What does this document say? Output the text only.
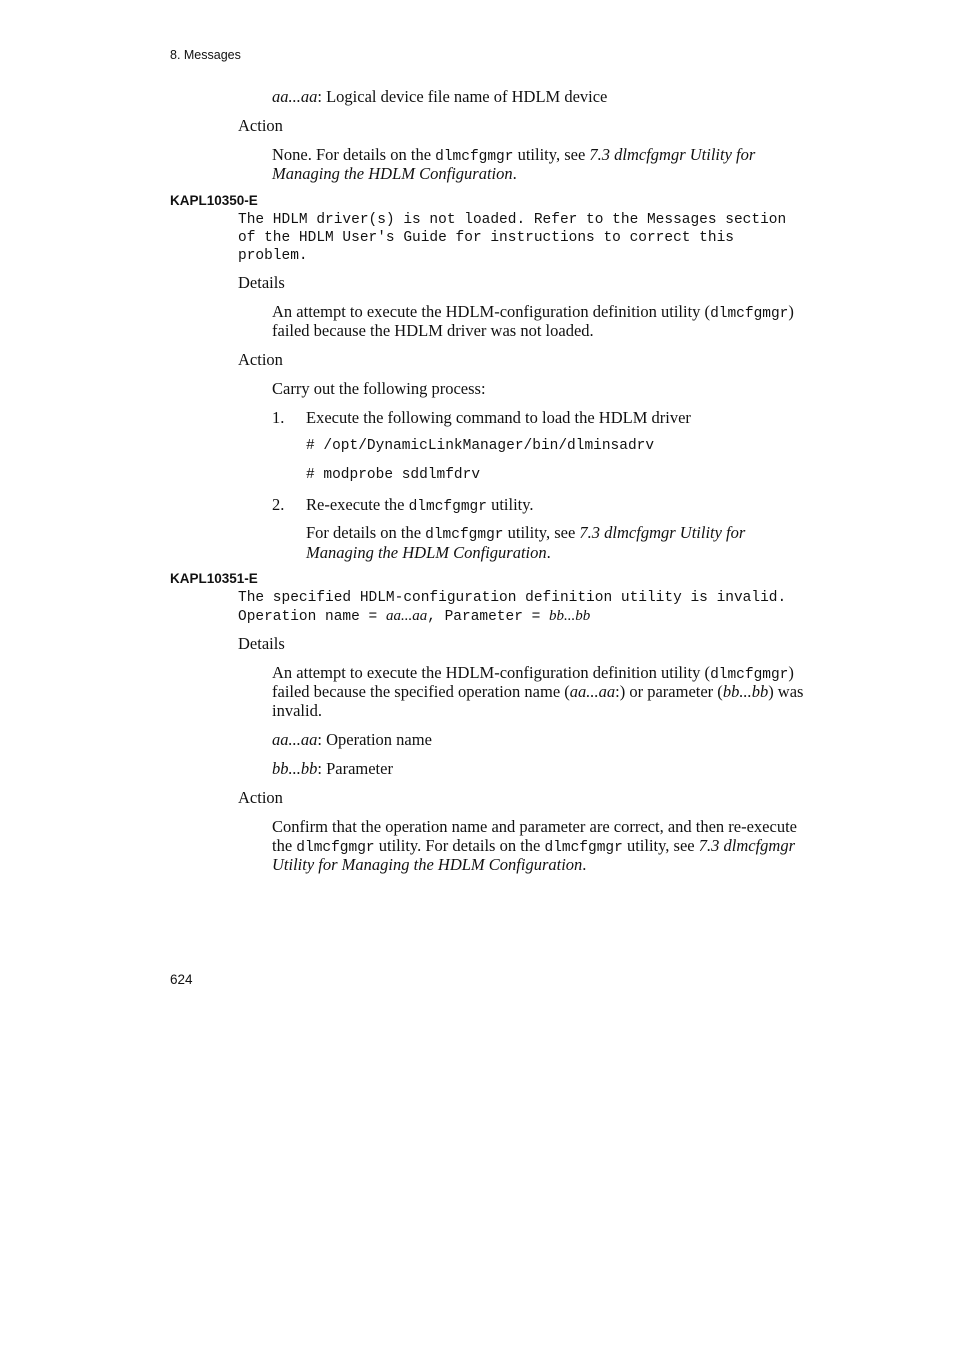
8. Messages
aa...aa: Logical device file name of HDLM device
Action
None. For details on the dlmcfgmgr utility, see 7.3 dlmcfgmgr Utility for
Managing the HDLM Configuration.
KAPL10350-E
The HDLM driver(s) is not loaded. Refer to the Messages section
of the HDLM User's Guide for instructions to correct this
problem.
Details
An attempt to execute the HDLM-configuration definition utility (dlmcfgmgr)
failed because the HDLM driver was not loaded.
Action
Carry out the following process:
1. Execute the following command to load the HDLM driver
# /opt/DynamicLinkManager/bin/dlminsadrv
# modprobe sddlmfdrv
2. Re-execute the dlmcfgmgr utility.
For details on the dlmcfgmgr utility, see 7.3 dlmcfgmgr Utility for
Managing the HDLM Configuration.
KAPL10351-E
The specified HDLM-configuration definition utility is invalid.
Operation name = aa...aa, Parameter = bb...bb
Details
An attempt to execute the HDLM-configuration definition utility (dlmcfgmgr)
failed because the specified operation name (aa...aa:) or parameter (bb...bb) was
invalid.
aa...aa: Operation name
bb...bb: Parameter
Action
Confirm that the operation name and parameter are correct, and then re-execute
the dlmcfgmgr utility. For details on the dlmcfgmgr utility, see 7.3 dlmcfgmgr
Utility for Managing the HDLM Configuration.
624
